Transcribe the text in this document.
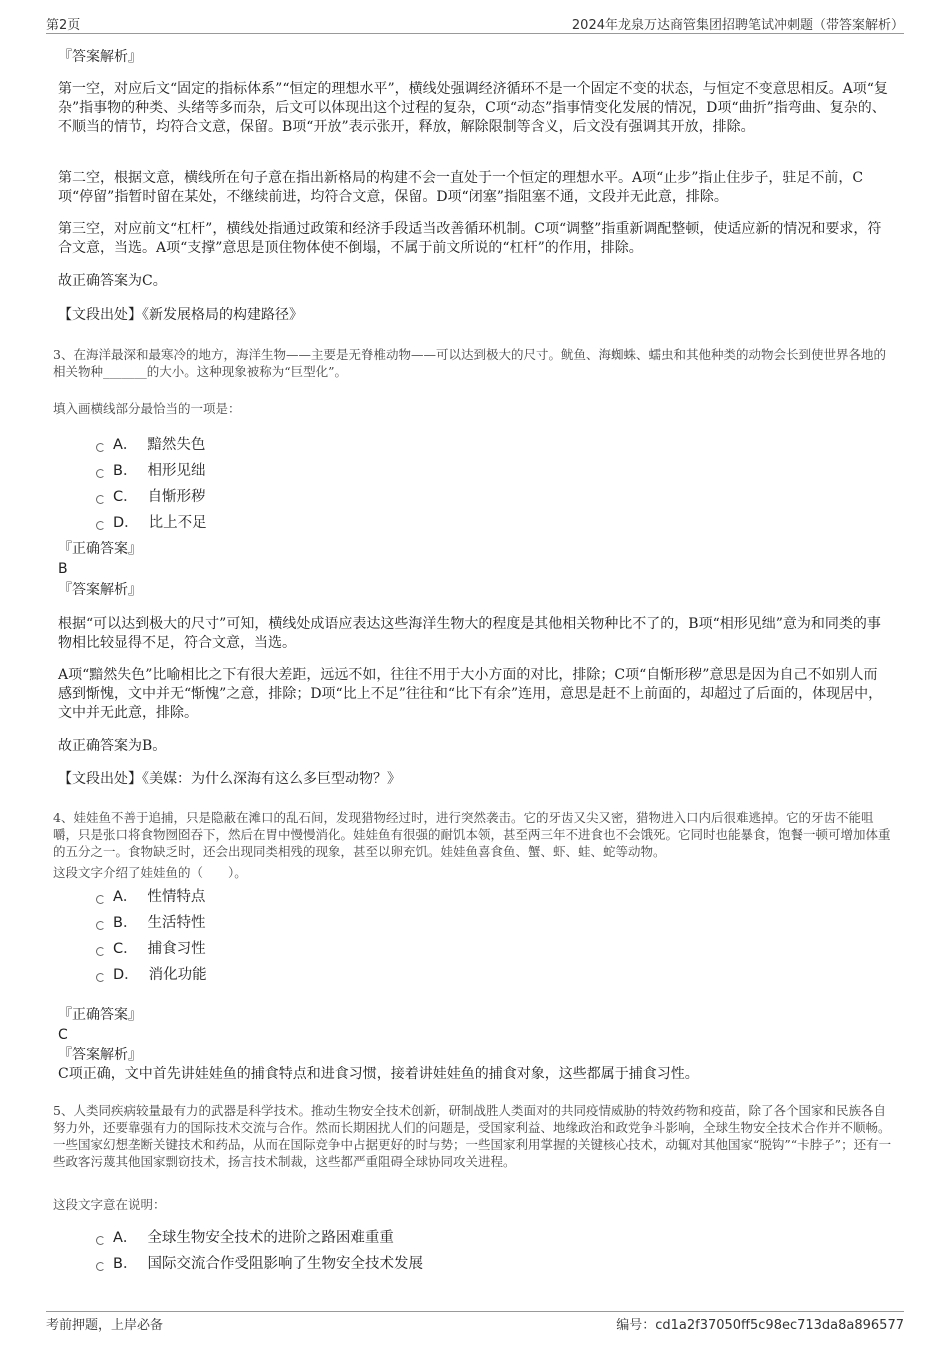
第2页	2024年龙泉万达商管集团招聘笔试冲刺题（带答案解析）
『答案解析』
第一空，对应后文“固定的指标体系”“恒定的理想水平”，横线处强调经济循环不是一个固定不变的状态，与恒定不变意思相反。A项“复杂”指事物的种类、头绪等多而杂，后文可以体现出这个过程的复杂，C项“动态”指事情变化发展的情况，D项“曲折”指弯曲、复杂的、不顺当的情节，均符合文意，保留。B项“开放”表示张开，释放，解除限制等含义，后文没有强调其开放，排除。
第二空，根据文意，横线所在句子意在指出新格局的构建不会一直处于一个恒定的理想水平。A项“止步”指止住步子，驻足不前，C项“停留”指暂时留在某处，不继续前进，均符合文意，保留。D项“闭塞”指阻塞不通，文段并无此意，排除。
第三空，对应前文“杠杆”，横线处指通过政策和经济手段适当改善循环机制。C项“调整”指重新调配整顿，使适应新的情况和要求，符合文意，当选。A项“支撑”意思是顶住物体使不倒塌，不属于前文所说的“杠杆”的作用，排除。
故正确答案为C。
【文段出处】《新发展格局的构建路径》
3、在海洋最深和最寒冷的地方，海洋生物——主要是无脊椎动物——可以达到极大的尺寸。鱿鱼、海蜘蛛、蠕虫和其他种类的动物会长到使世界各地的相关物种_______的大小。这种现象被称为“巨型化”。
填入画横线部分最恰当的一项是：
A． 黯然失色
B． 相形见绌
C． 自惭形秽
D． 比上不足
『正确答案』
B
『答案解析』
根据“可以达到极大的尺寸”可知，横线处成语应表达这些海洋生物大的程度是其他相关物种比不了的，B项“相形见绌”意为和同类的事物相比较显得不足，符合文意，当选。
A项“黯然失色”比喻相比之下有很大差距，远远不如，往往不用于大小方面的对比，排除；C项“自惭形秽”意思是因为自己不如别人而感到惭愧，文中并无“惭愧”之意，排除；D项“比上不足”往往和“比下有余”连用，意思是赶不上前面的，却超过了后面的，体现居中，文中并无此意，排除。
故正确答案为B。
【文段出处】《美媒：为什么深海有这么多巨型动物？》
4、娃娃鱼不善于追捕，只是隐蔽在滩口的乱石间，发现猎物经过时，进行突然袭击。它的牙齿又尖又密，猎物进入口内后很难逃掉。它的牙齿不能咀嚼，只是张口将食物囫囵吞下，然后在胃中慢慢消化。娃娃鱼有很强的耐饥本领，甚至两三年不进食也不会饿死。它同时也能暴食，饱餐一顿可增加体重的五分之一。食物缺乏时，还会出现同类相残的现象，甚至以卵充饥。娃娃鱼喜食鱼、蟹、虾、蛙、蛇等动物。
这段文字介绍了娃娃鱼的（　　）。
A． 性情特点
B． 生活特性
C． 捕食习性
D． 消化功能
『正确答案』
C
『答案解析』
C项正确，文中首先讲娃娃鱼的捕食特点和进食习惯，接着讲娃娃鱼的捕食对象，这些都属于捕食习性。
5、人类同疾病较量最有力的武器是科学技术。推动生物安全技术创新，研制战胜人类面对的共同疫情威胁的特效药物和疫苗，除了各个国家和民族各自努力外，还要靠强有力的国际技术交流与合作。然而长期困扰人们的问题是，受国家利益、地缘政治和政党争斗影响，全球生物安全技术合作并不顺畅。一些国家幻想垄断关键技术和药品，从而在国际竞争中占据更好的时与势；一些国家利用掌握的关键核心技术，动辄对其他国家“脱钩”“卡脖子”；还有一些政客污蔑其他国家剽窃技术，扬言技术制裁，这些都严重阻碍全球协同攻关进程。
这段文字意在说明：
A． 全球生物安全技术的进阶之路困难重重
B． 国际交流合作受阻影响了生物安全技术发展
考前押题，上岸必备	编号：cd1a2f37050ff5c98ec713da8a896577
